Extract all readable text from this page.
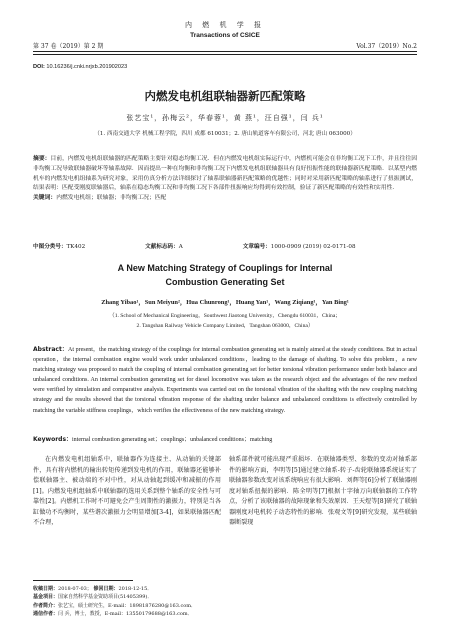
第 37 卷（2019）第 2 期
内 燃 机 学 报
Transactions of CSICE
Vol.37（2019）No.2
DOI: 10.16236/j.cnki.nrjxb.201902023
内燃发电机组联轴器新匹配策略
张艺宝¹，孙梅云²，华春蓉¹，黄 燕¹，汪自强¹，闫 兵¹
（1. 西南交通大学 机械工程学院，四川 成都 610031；2. 唐山轨道客车有限公司，河北 唐山 063000）
摘要：目前，内燃发电机组联轴器的匹配策略主要针对稳态均衡工况．但在内燃发电机组实际运行中，内燃机可能会在非均衡工况下工作，并且往往因非均衡工况导致联轴器破坏等轴系故障．因而提出一种在均衡和非均衡工况下内燃发电机组联轴器具有良好扭振性能的联轴器新匹配策略．以某型内燃机车的内燃发电机组轴系为研究对象，采用仿真分析方法详细探讨了轴系联轴器新匹配策略的优越性；同时对采用新匹配策略的轴系进行了扭振测试，结果表明：匹配受刚度联轴器后，轴系在稳态均衡工况和非均衡工况下各部件扭振响应均得到有效控制，验证了新匹配策略的有效性和实用性．
关键词：内燃发电机组；联轴器；非均衡工况；匹配
中图分类号：TK402	文献标志码：A	文章编号：1000-0909 (2019) 02-0171-08
A New Matching Strategy of Couplings for Internal
Combustion Generating Set
Zhang Yibao¹，Sun Meiyun²，Hua Chunrong¹，Huang Yan¹，Wang Ziqiang¹，Yan Bing¹
（1. School of Mechanical Engineering，Southwest Jiaotong University，Chengdu 610031，China；
2. Tangshan Railway Vehicle Company Limited，Tangshan 063000，China）
Abstract：At present，the matching strategy of the couplings for internal combustion generating set is mainly aimed at the steady conditions. But in actual operation，the internal combustion engine would work under unbalanced conditions，leading to the damage of shafting. To solve this problem，a new matching strategy was proposed to match the coupling of internal combustion generating set for better torsional vibration performance under both balance and unbalanced conditions. An internal combustion generating set for diesel locomotive was taken as the research object and the advantages of the new method were verified by simulation and comparative analysis. Experiments was carried out on the torsional vibration of the shafting with the new coupling matching strategy and the results showed that the torsional vibration response of the shafting under balance and unbalanced conditions is effectively controlled by matching the variable stiffness couplings，which verifies the effectiveness of the new matching strategy.
Keywords：internal combustion generating set；couplings；unbalanced conditions；matching
在内燃发电机组轴系中，联轴器作为连接主、从动轴的关键部件，具有将内燃机的输出转矩传递到发电机的作用，联轴器还能够补偿联轴器主、被动端的不对中性，对从动轴起到缓冲和减振的作用[1]。内燃发电机组轴系中联轴器的选用关系到整个轴系的安全性与可靠性[2]。内燃机工作时不可避免会产生周期性的激振力，特别是当各缸做功不均衡时，某些谐次激振力会明显增加[3-4]，如果联轴器匹配不合理，
轴系部件就可能出现严重损坏．在联轴器类型、参数的变动对轴系部件的影响方面，李明等[5]通过建立轴系-转子-齿轮联轴器系统证实了联轴器参数改变对该系统响应有很大影响．刘辉等[6]分析了联轴器刚度对轴系扭振的影响．陈全明等[7]根据十字轴万向联轴器的工作特点，分析了该联轴器的故障现象和失效原因．王天煜等[8]研究了联轴器刚度对电机转子动态特性的影响．张观文等[9]研究发现，某些联轴器断裂现
收稿日期：2018-07-03； 修回日期：2018-12-15．
基金项目：国家自然科学基金资助项目(51405399)．
作者简介：张艺宝，硕士研究生，E-mail：18981876280@163.com．
通信作者：闫 兵，博士，教授，E-mail：13550179688@163.com．
